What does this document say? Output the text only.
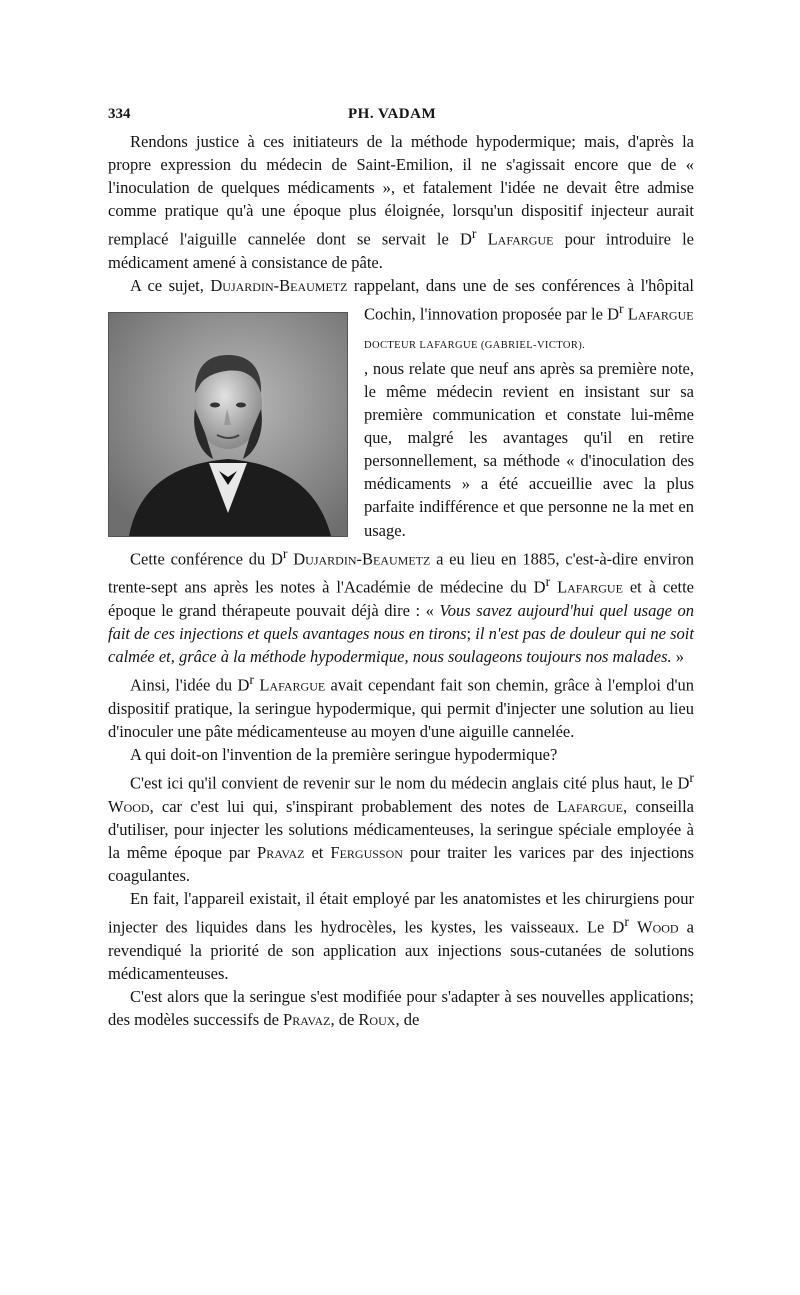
334	PH. VADAM

Rendons justice à ces initiateurs de la méthode hypodermique; mais, d'après la propre expression du médecin de Saint-Emilion, il ne s'agissait encore que de « l'inoculation de quelques médicaments », et fatalement l'idée ne devait être admise comme pratique qu'à une époque plus éloignée, lorsqu'un dispositif injecteur aurait remplacé l'aiguille cannelée dont se servait le $D^r$ Lafargue pour introduire le médicament amené à consistance de pâte.

A ce sujet, Dujardin-Beaumetz rappelant, dans une de ses conférences à l'hôpital Cochin, l'innovation proposée par le $D^r$ Lafargue

DOCTEUR LAFARGUE (GABRIEL-VICTOR).
, nous relate que neuf ans après sa première note, le même médecin revient en insistant sur sa première communication et constate lui-même que, malgré les avantages qu'il en retire personnellement, sa méthode « d'inoculation des médicaments » a été accueillie avec la plus parfaite indifférence et que personne ne la met en usage.

Cette conférence du $D^r$ Dujardin-Beaumetz a eu lieu en 1885, c'est-à-dire environ trente-sept ans après les notes à l'Académie de médecine du $D^r$ Lafargue et à cette époque le grand thérapeute pouvait déjà dire : « Vous savez aujourd'hui quel usage on fait de ces injections et quels avantages nous en tirons; il n'est pas de douleur qui ne soit calmée et, grâce à la méthode hypodermique, nous soulageons toujours nos malades. »

Ainsi, l'idée du $D^r$ Lafargue avait cependant fait son chemin, grâce à l'emploi d'un dispositif pratique, la seringue hypodermique, qui permit d'injecter une solution au lieu d'inoculer une pâte médicamenteuse au moyen d'une aiguille cannelée.

A qui doit-on l'invention de la première seringue hypodermique?

C'est ici qu'il convient de revenir sur le nom du médecin anglais cité plus haut, le $D^r$ Wood, car c'est lui qui, s'inspirant probablement des notes de Lafargue, conseilla d'utiliser, pour injecter les solutions médicamenteuses, la seringue spéciale employée à la même époque par Pravaz et Fergusson pour traiter les varices par des injections coagulantes.

En fait, l'appareil existait, il était employé par les anatomistes et les chirurgiens pour injecter des liquides dans les hydrocèles, les kystes, les vaisseaux. Le $D^r$ Wood a revendiqué la priorité de son application aux injections sous-cutanées de solutions médicamenteuses.

C'est alors que la seringue s'est modifiée pour s'adapter à ses nouvelles applications; des modèles successifs de Pravaz, de Roux, de
